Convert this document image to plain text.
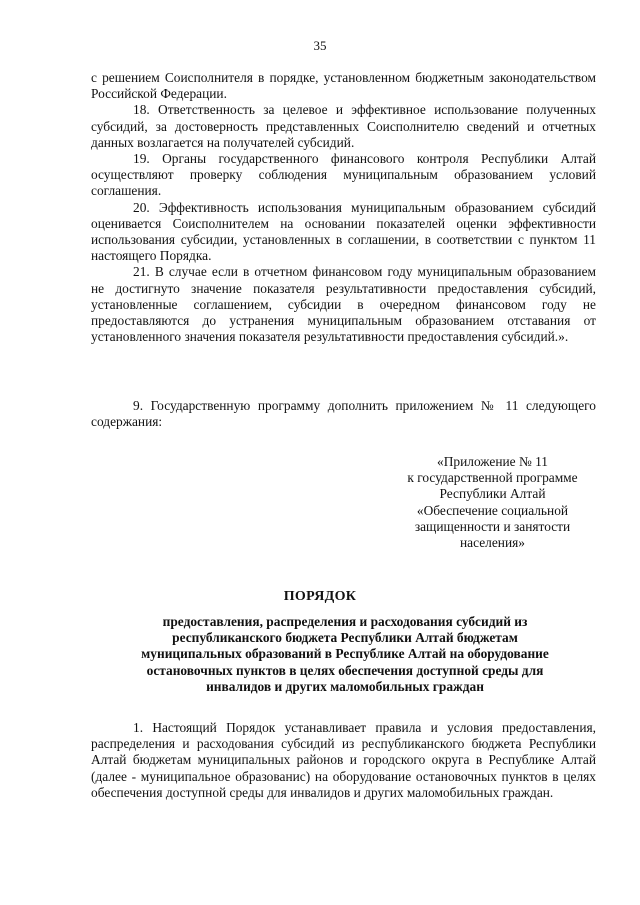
35

с решением Соисполнителя в порядке, установленном бюджетным законодательством Российской Федерации.

18. Ответственность за целевое и эффективное использование полученных субсидий, за достоверность представленных Соисполнителю сведений и отчетных данных возлагается на получателей субсидий.

19. Органы государственного финансового контроля Республики Алтай осуществляют проверку соблюдения муниципальным образованием условий соглашения.

20. Эффективность использования муниципальным образованием субсидий оценивается Соисполнителем на основании показателей оценки эффективности использования субсидии, установленных в соглашении, в соответствии с пунктом 11 настоящего Порядка.

21. В случае если в отчетном финансовом году муниципальным образованием не достигнуто значение показателя результативности предоставления субсидий, установленные соглашением, субсидии в очередном финансовом году не предоставляются до устранения муниципальным образованием отставания от установленного значения показателя результативности предоставления субсидий.».

9. Государственную программу дополнить приложением № 11 следующего содержания:

«Приложение № 11
к государственной программе
Республики Алтай
«Обеспечение социальной
защищенности и занятости
населения»
ПОРЯДОК
предоставления, распределения и расходования субсидий из
республиканского бюджета Республики Алтай бюджетам
муниципальных образований в Республике Алтай на оборудование
остановочных пунктов в целях обеспечения доступной среды для
инвалидов и других маломобильных граждан

1. Настоящий Порядок устанавливает правила и условия предоставления, распределения и расходования субсидий из республиканского бюджета Республики Алтай бюджетам муниципальных районов и городского округа в Республике Алтай (далее - муниципальное образованис) на оборудование остановочных пунктов в целях обеспечения доступной среды для инвалидов и других маломобильных граждан.
